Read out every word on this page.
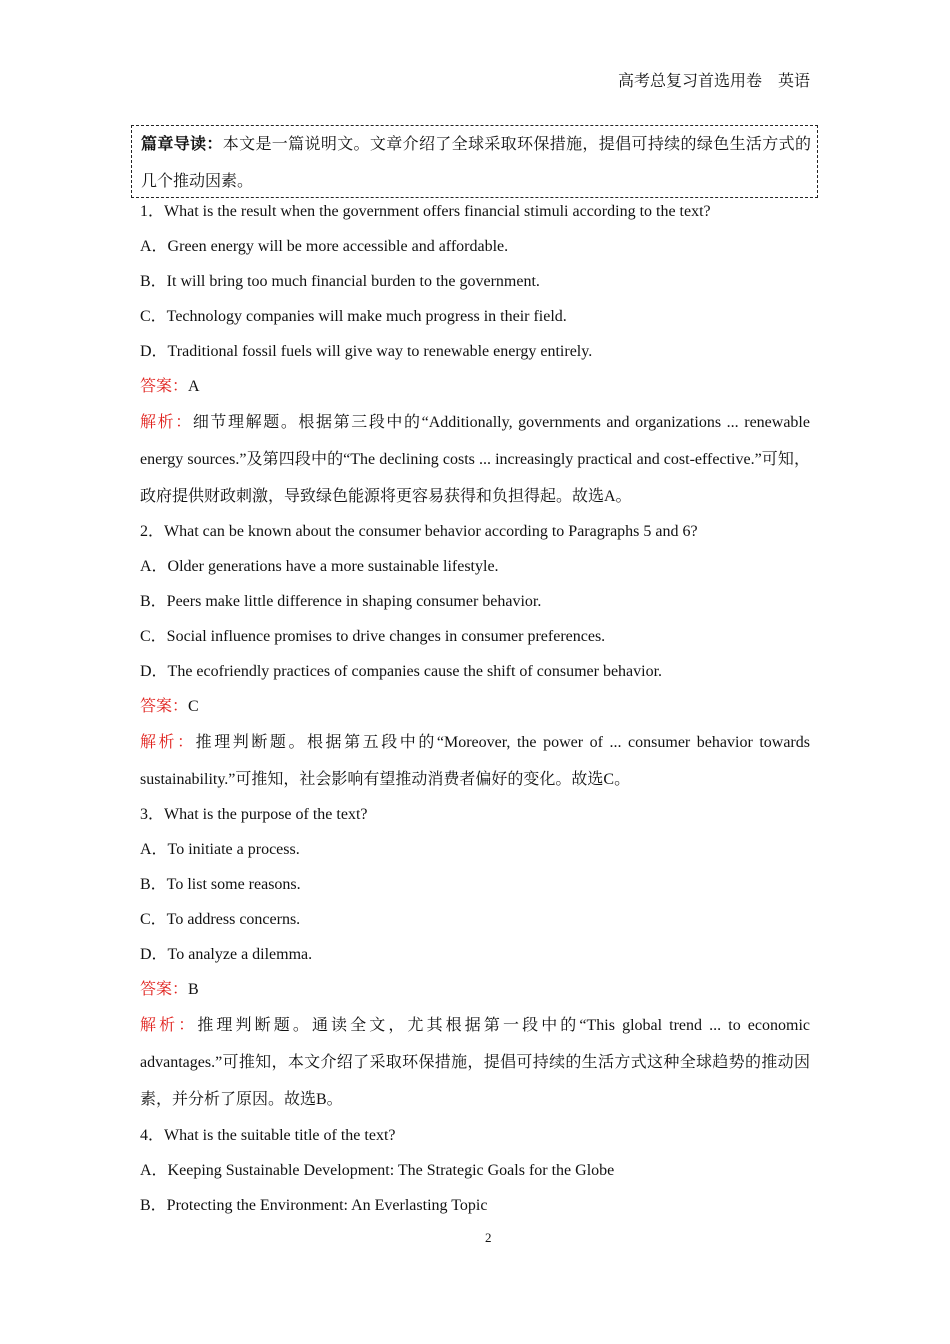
高考总复习首选用卷　英语
篇章导读：本文是一篇说明文。文章介绍了全球采取环保措施，提倡可持续的绿色生活方式的几个推动因素。
1．What is the result when the government offers financial stimuli according to the text?
A．Green energy will be more accessible and affordable.
B．It will bring too much financial burden to the government.
C．Technology companies will make much progress in their field.
D．Traditional fossil fuels will give way to renewable energy entirely.
答案：A
解析：细节理解题。根据第三段中的“Additionally, governments and organizations ... renewable energy sources.”及第四段中的“The declining costs ... increasingly practical and cost-effective.”可知，政府提供财政刺激，导致绿色能源将更容易获得和负担得起。故选A。
2．What can be known about the consumer behavior according to Paragraphs 5 and 6?
A．Older generations have a more sustainable lifestyle.
B．Peers make little difference in shaping consumer behavior.
C．Social influence promises to drive changes in consumer preferences.
D．The ecofriendly practices of companies cause the shift of consumer behavior.
答案：C
解析：推理判断题。根据第五段中的“Moreover, the power of ... consumer behavior towards sustainability.”可推知，社会影响有望推动消费者偏好的变化。故选C。
3．What is the purpose of the text?
A．To initiate a process.
B．To list some reasons.
C．To address concerns.
D．To analyze a dilemma.
答案：B
解析：推理判断题。通读全文，尤其根据第一段中的“This global trend ... to economic advantages.”可推知，本文介绍了采取环保措施，提倡可持续的生活方式这种全球趋势的推动因素，并分析了原因。故选B。
4．What is the suitable title of the text?
A．Keeping Sustainable Development: The Strategic Goals for the Globe
B．Protecting the Environment: An Everlasting Topic
2
